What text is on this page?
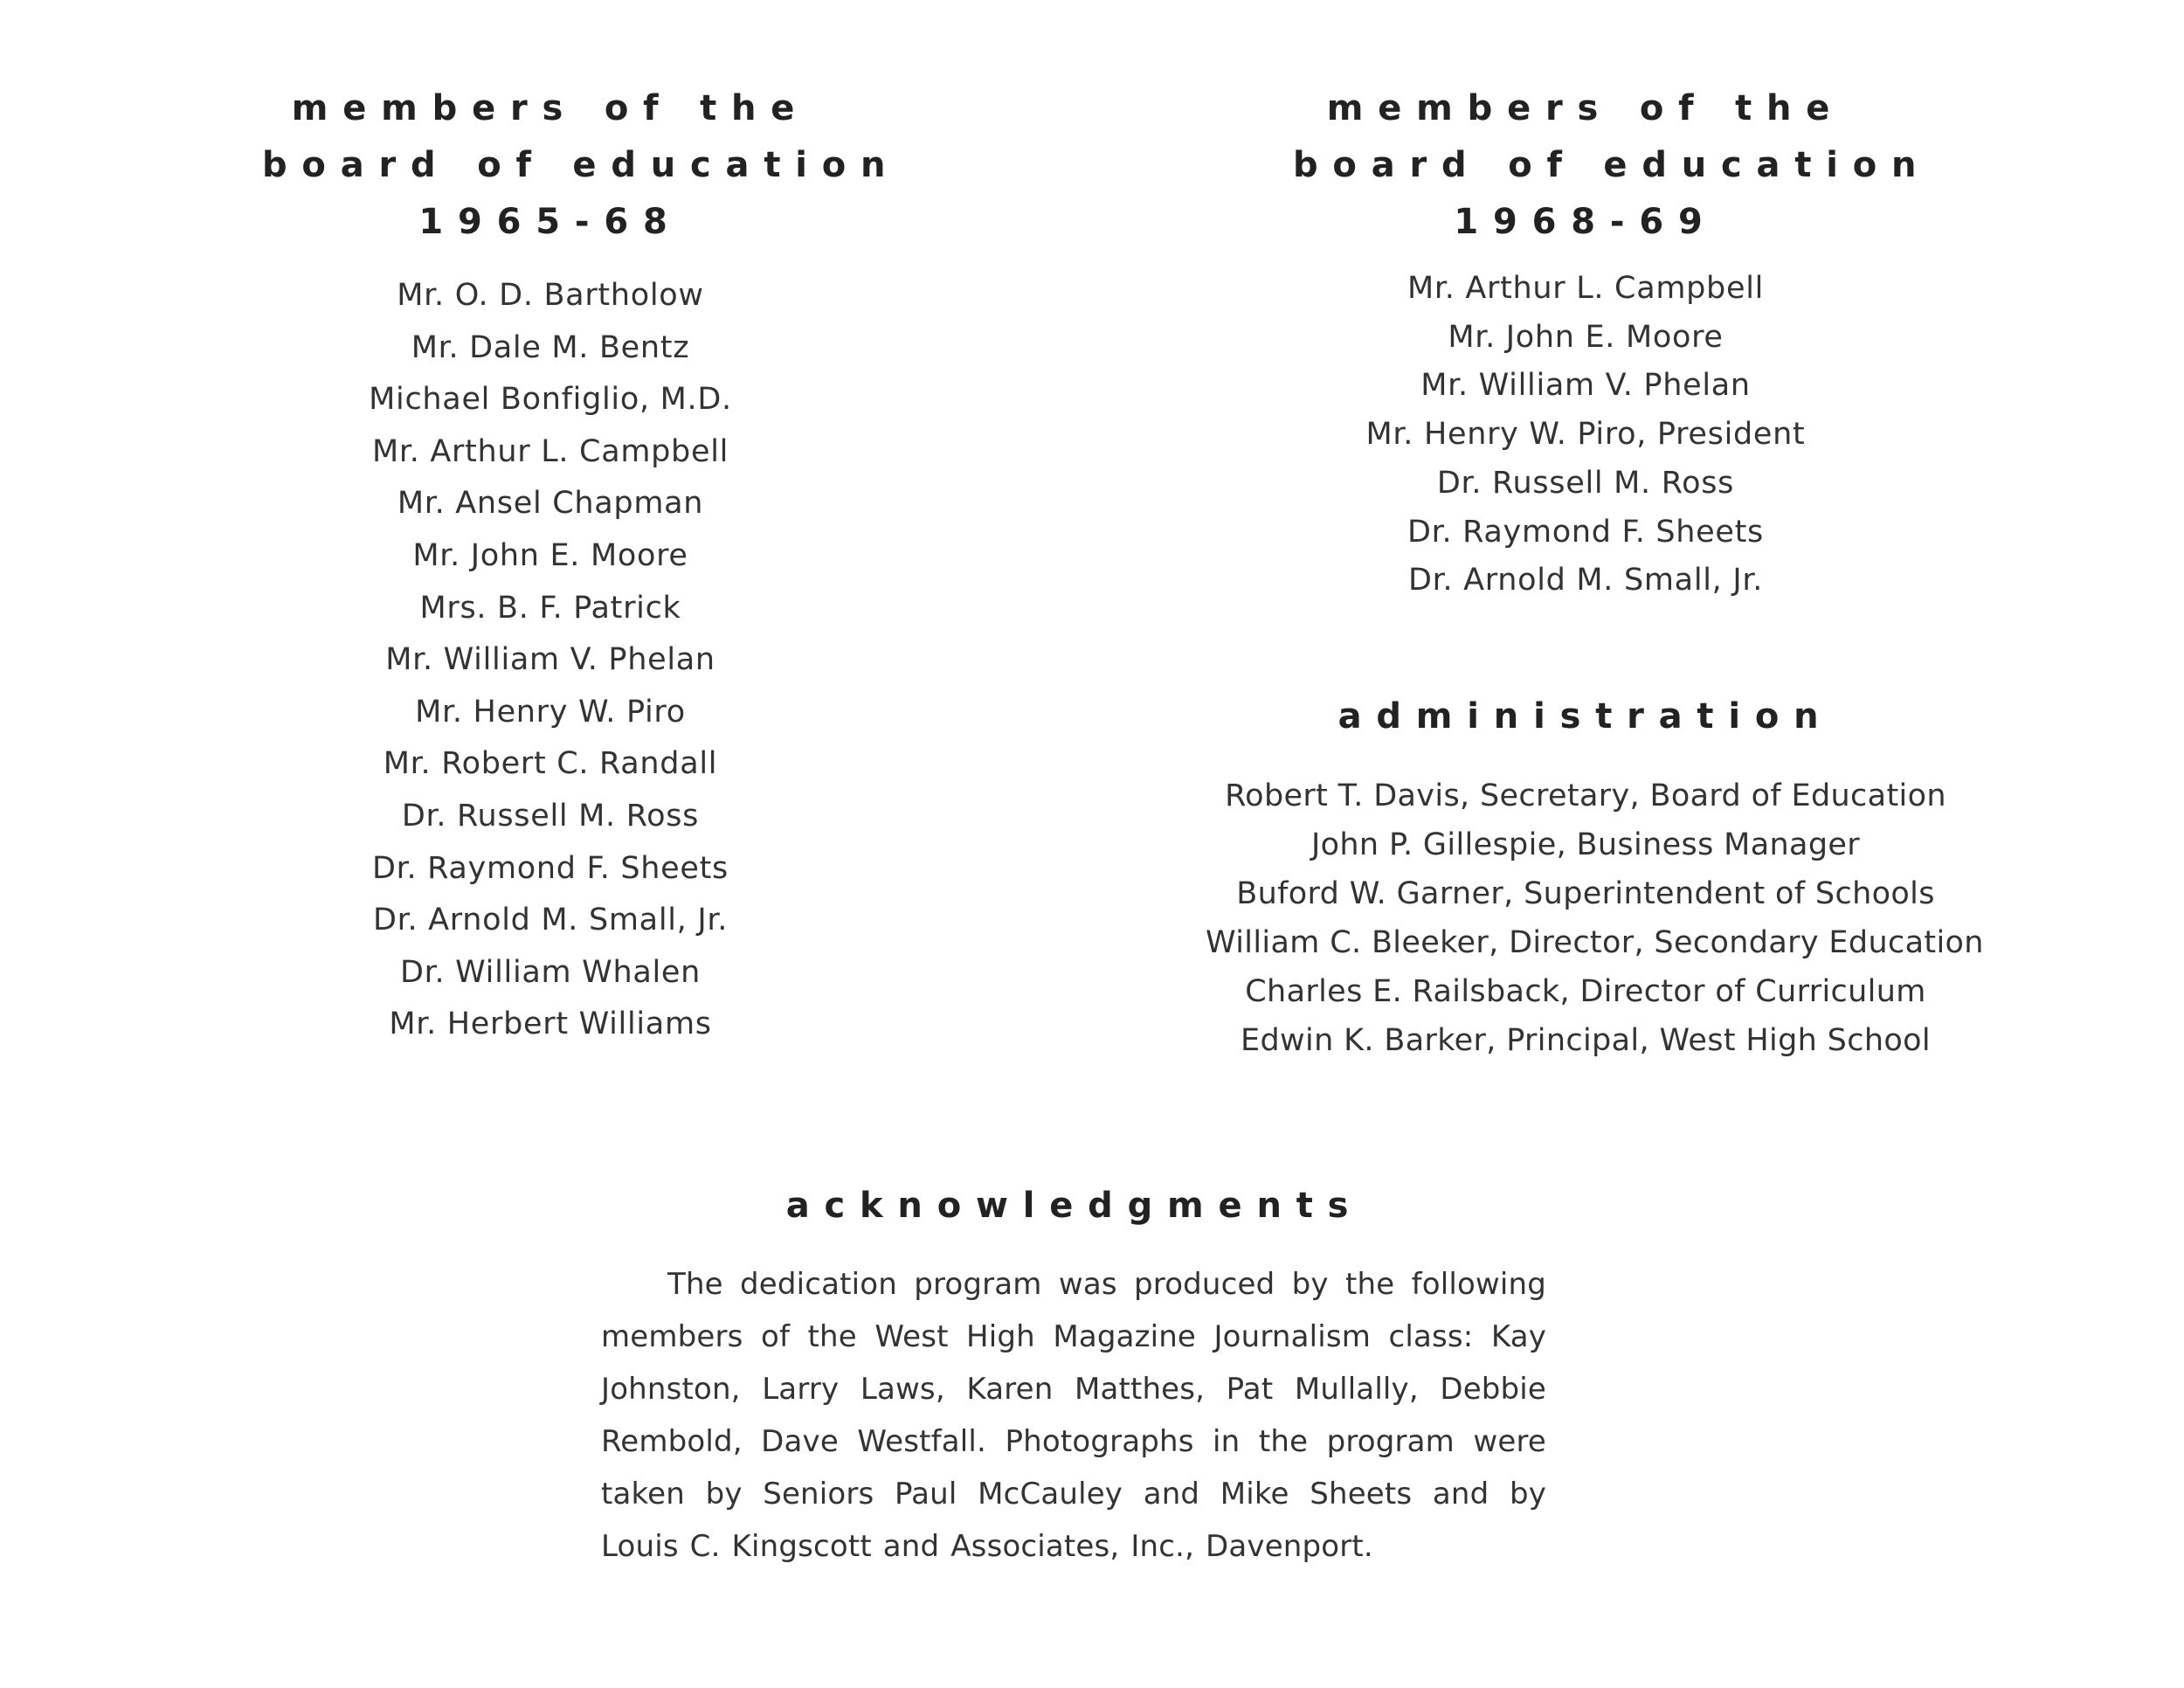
members of the
board of education
1965-68
Mr. O. D. Bartholow
Mr. Dale M. Bentz
Michael Bonfiglio, M.D.
Mr. Arthur L. Campbell
Mr. Ansel Chapman
Mr. John E. Moore
Mrs. B. F. Patrick
Mr. William V. Phelan
Mr. Henry W. Piro
Mr. Robert C. Randall
Dr. Russell M. Ross
Dr. Raymond F. Sheets
Dr. Arnold M. Small, Jr.
Dr. William Whalen
Mr. Herbert Williams
members of the
board of education
1968-69
Mr. Arthur L. Campbell
Mr. John E. Moore
Mr. William V. Phelan
Mr. Henry W. Piro, President
Dr. Russell M. Ross
Dr. Raymond F. Sheets
Dr. Arnold M. Small, Jr.
administration
Robert T. Davis, Secretary, Board of Education
John P. Gillespie, Business Manager
Buford W. Garner, Superintendent of Schools
William C. Bleeker, Director, Secondary Education
Charles E. Railsback, Director of Curriculum
Edwin K. Barker, Principal, West High School
acknowledgments

The dedication program was produced by the following members of the West High Magazine Journalism class: Kay Johnston, Larry Laws, Karen Matthes, Pat Mullally, Debbie Rembold, Dave Westfall. Photographs in the program were taken by Seniors Paul McCauley and Mike Sheets and by Louis C. Kingscott and Associates, Inc., Davenport.
